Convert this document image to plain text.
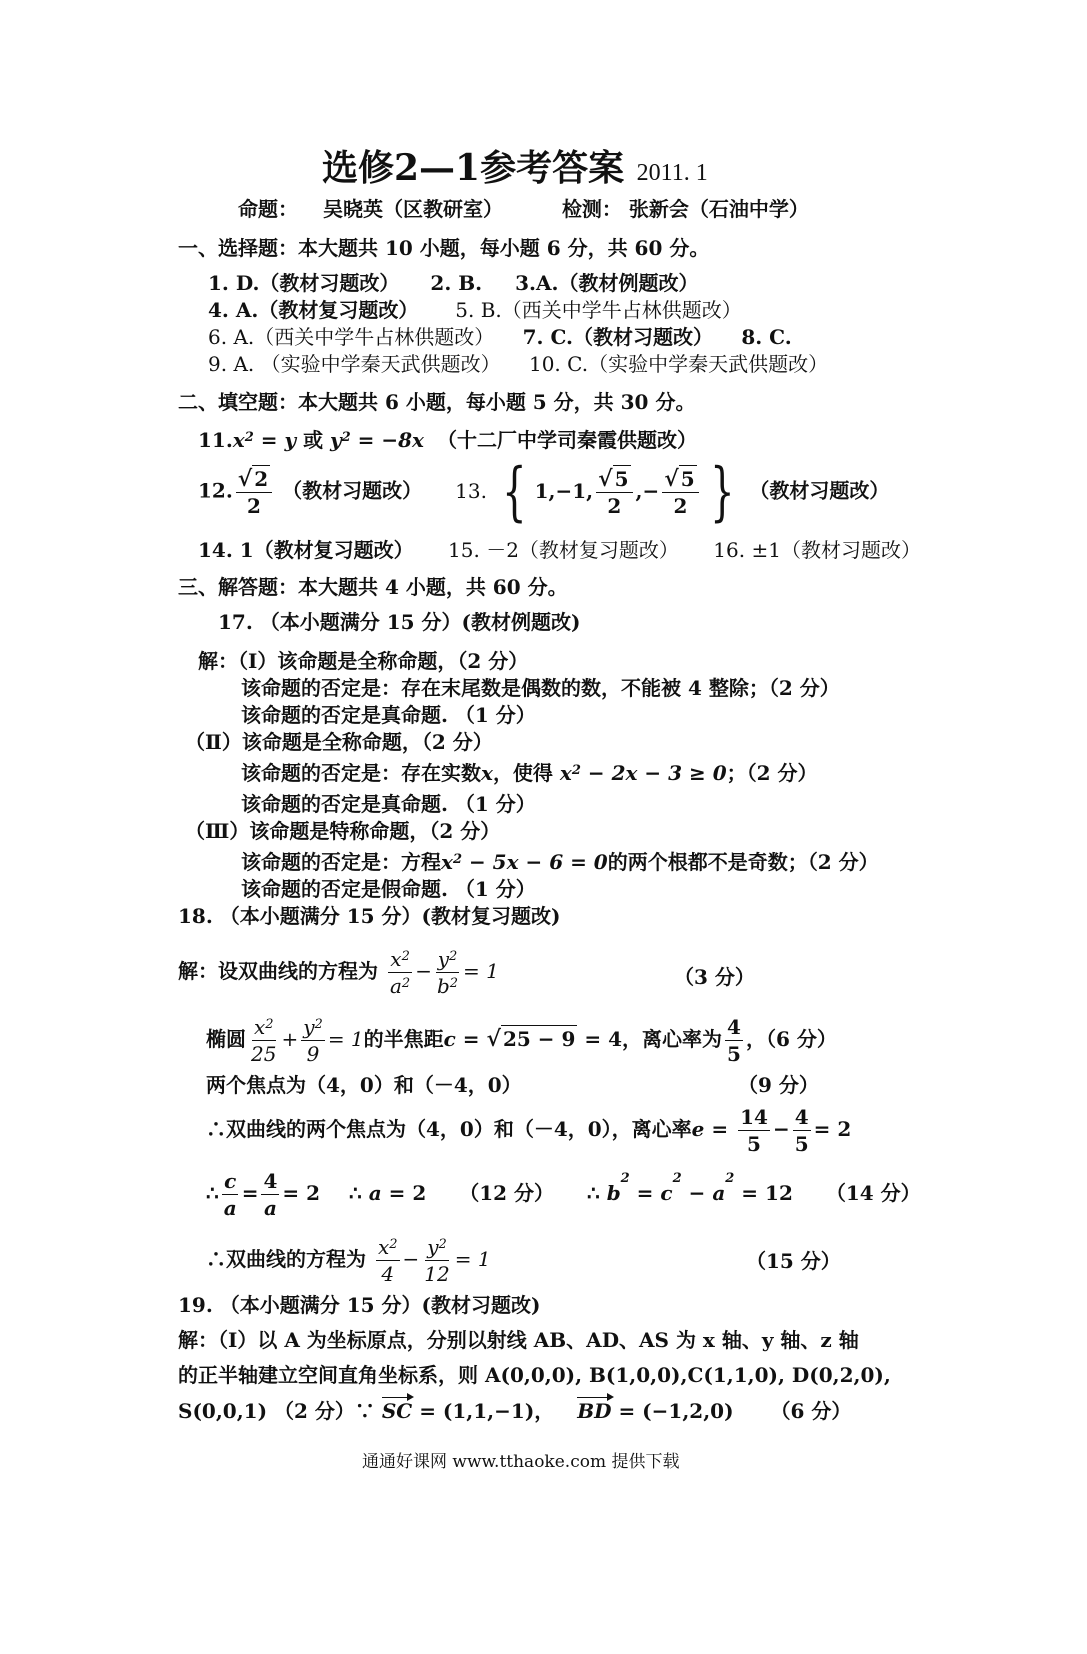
选修2—1参考答案 2011. 1
命题： 吴晓英（区教研室）	检测： 张新会（石油中学）
一、选择题：本大题共 10 小题，每小题 6 分，共 60 分。
1. D.（教材习题改） 2. B. 3.A.（教材例题改）
4. A.（教材复习题改） 5. B.（西关中学牛占林供题改）
6. A.（西关中学牛占林供题改） 7. C.（教材习题改） 8. C.
9. A. （实验中学秦天武供题改） 10. C.（实验中学秦天武供题改）
二、填空题：本大题共 6 小题，每小题 5 分，共 30 分。
$11.x^2 = y$ 或 $y^2 = -8x$ （十二厂中学司秦霞供题改）
12. $\frac{√ 2}{2}$ （教材习题改） 13. { 1,−1, $\frac{√ 5}{2}$ ,− $\frac{√ 5}{2}$ } （教材习题改）
14. 1（教材复习题改） 15. －2（教材复习题改） 16. ±1（教材习题改）
三、解答题：本大题共 4 小题，共 60 分。
17. （本小题满分 15 分）(教材例题改)
解：（Ⅰ）该命题是全称命题，（2 分）
该命题的否定是：存在末尾数是偶数的数，不能被 4 整除；（2 分）
该命题的否定是真命题. （1 分）
（Ⅱ）该命题是全称命题，（2 分）
该命题的否定是：存在实数x，使得 $x^2 - 2x - 3 \ge 0$；（2 分）
该命题的否定是真命题. （1 分）
（Ⅲ）该命题是特称命题，（2 分）
该命题的否定是：方程$x^2 - 5x - 6 = 0$的两个根都不是奇数；（2 分）
该命题的否定是假命题. （1 分）
18. （本小题满分 15 分）(教材复习题改)
解：设双曲线的方程为 $\frac{x^2}{a^2} - \frac{y^2}{b^2} = 1$	（3 分）
椭圆 $\frac{x^2}{25} + \frac{y^2}{9} = 1$的半焦距c = √ 25 − 9 = 4，离心率为 $\frac{4}{5}$ ，（6 分）
两个焦点为（4，0）和（－4，0）	（9 分）
∴双曲线的两个焦点为（4，0）和（－4，0），离心率$e = \frac{14}{5} - \frac{4}{5} = 2$
∴ $\frac{c}{a} = \frac{4}{a} = 2$ ∴ a = 2 （12 分） ∴ $b^2 = c^2 - a^2 = 12$ （14 分）
∴双曲线的方程为 $\frac{x^2}{4} - \frac{y^2}{12} = 1$	（15 分）
19. （本小题满分 15 分）(教材习题改)
解：（Ⅰ）以 A 为坐标原点，分别以射线 AB、AD、AS 为 x 轴、y 轴、z 轴
的正半轴建立空间直角坐标系，则 A(0,0,0), B(1,0,0),C(1,1,0), D(0,2,0),
S(0,0,1) （2 分）∵ SC = (1,1,−1)， BD = (−1,2,0) （6 分）
通通好课网 www.tthaoke.com 提供下载
